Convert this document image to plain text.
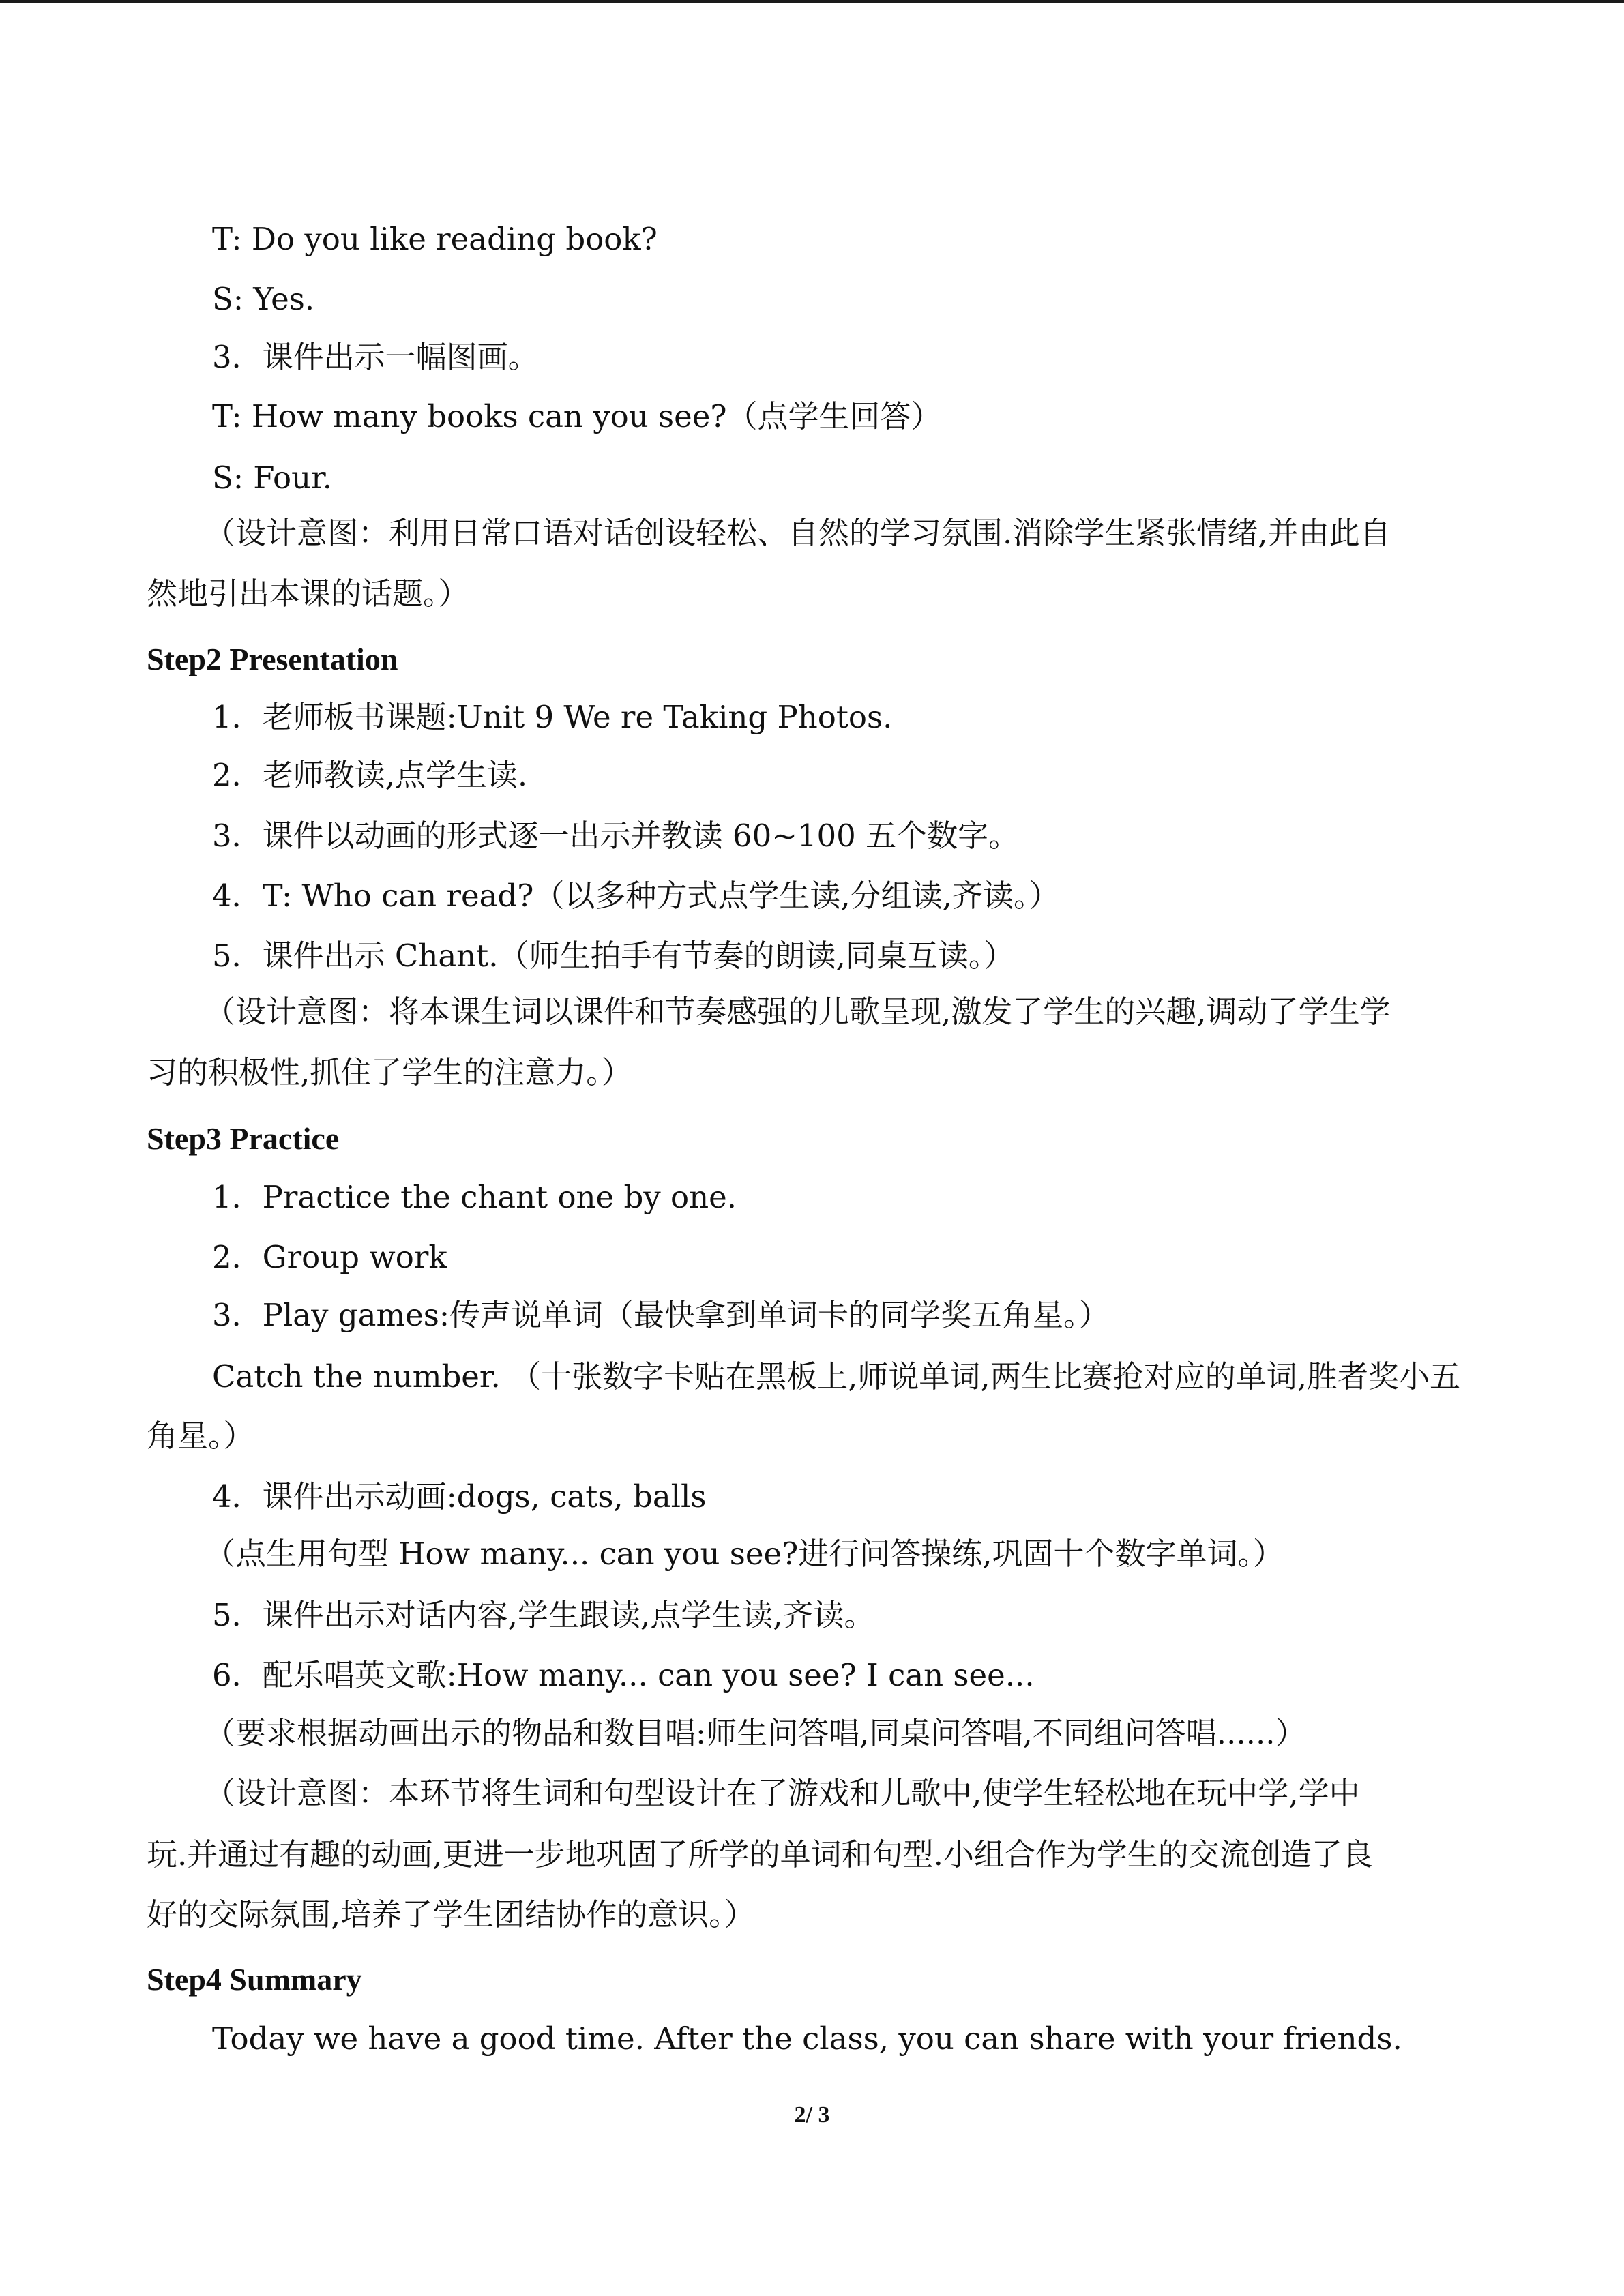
T: Do you like reading book?
S: Yes.
3．课件出示一幅图画。
T: How many books can you see?（点学生回答）
S: Four.
（设计意图：利用日常口语对话创设轻松、自然的学习氛围.消除学生紧张情绪,并由此自
然地引出本课的话题。）
Step2 Presentation
1．老师板书课题:Unit 9 We re Taking Photos.
2．老师教读,点学生读.
3．课件以动画的形式逐一出示并教读 60~100 五个数字。
4．T: Who can read?（以多种方式点学生读,分组读,齐读。）
5．课件出示 Chant.（师生拍手有节奏的朗读,同桌互读。）
（设计意图：将本课生词以课件和节奏感强的儿歌呈现,激发了学生的兴趣,调动了学生学
习的积极性,抓住了学生的注意力。）
Step3 Practice
1．Practice the chant one by one.
2．Group work
3．Play games:传声说单词（最快拿到单词卡的同学奖五角星。）
Catch the number. （十张数字卡贴在黑板上,师说单词,两生比赛抢对应的单词,胜者奖小五
角星。）
4．课件出示动画:dogs, cats, balls
（点生用句型 How many... can you see?进行问答操练,巩固十个数字单词。）
5．课件出示对话内容,学生跟读,点学生读,齐读。
6．配乐唱英文歌:How many... can you see? I can see...
（要求根据动画出示的物品和数目唱:师生问答唱,同桌问答唱,不同组问答唱......）
（设计意图：本环节将生词和句型设计在了游戏和儿歌中,使学生轻松地在玩中学,学中
玩.并通过有趣的动画,更进一步地巩固了所学的单词和句型.小组合作为学生的交流创造了良
好的交际氛围,培养了学生团结协作的意识。）
Step4 Summary
Today we have a good time. After the class, you can share with your friends.
2/ 3
